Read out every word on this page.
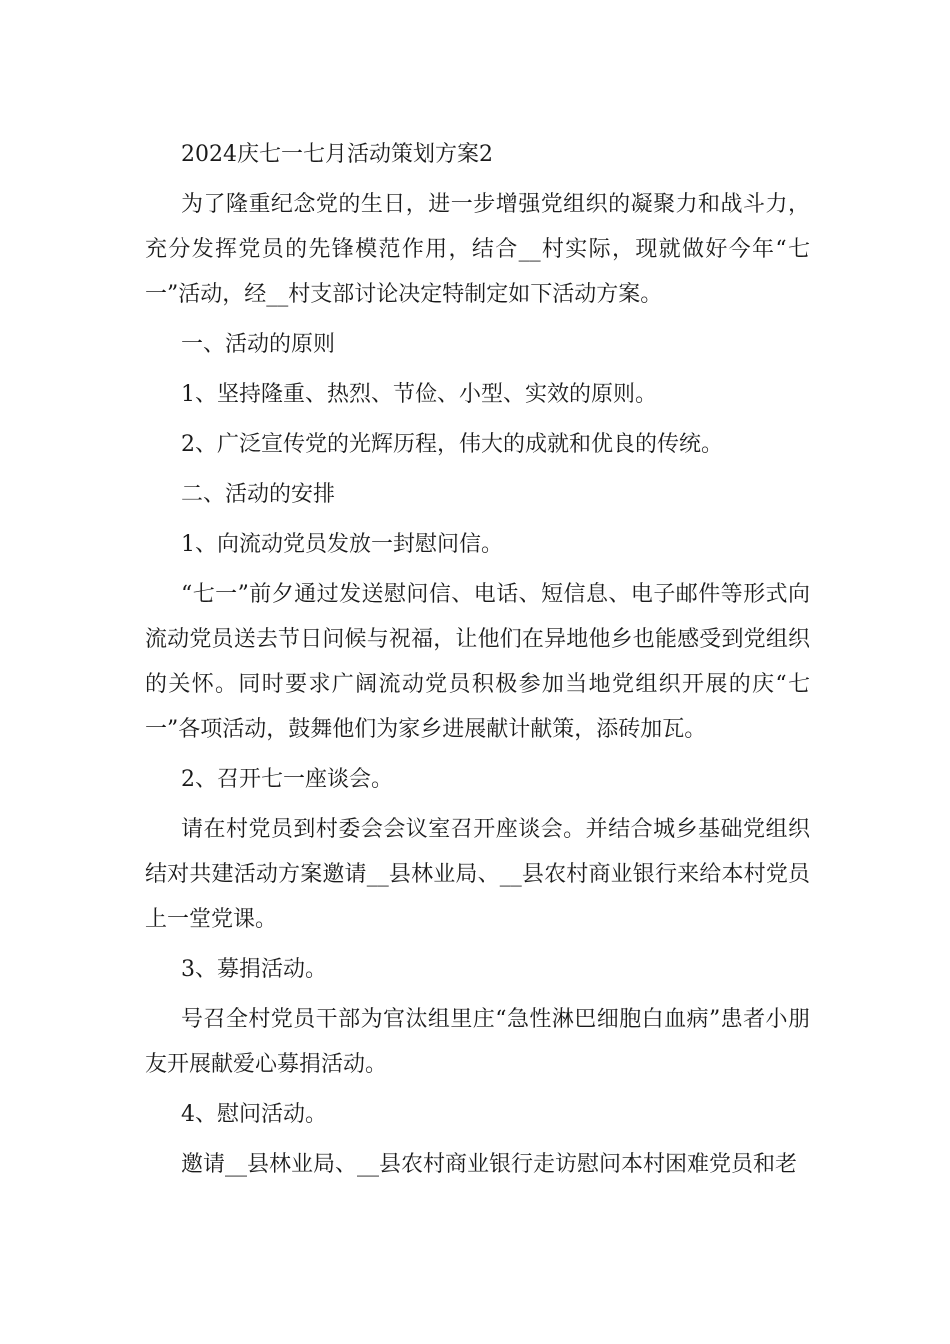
2024庆七一七月活动策划方案2

为了隆重纪念党的生日，进一步增强党组织的凝聚力和战斗力，充分发挥党员的先锋模范作用，结合__村实际，现就做好今年“七一”活动，经__村支部讨论决定特制定如下活动方案。

一、活动的原则

1、坚持隆重、热烈、节俭、小型、实效的原则。

2、广泛宣传党的光辉历程，伟大的成就和优良的传统。

二、活动的安排

1、向流动党员发放一封慰问信。

“七一”前夕通过发送慰问信、电话、短信息、电子邮件等形式向流动党员送去节日问候与祝福，让他们在异地他乡也能感受到党组织的关怀。同时要求广阔流动党员积极参加当地党组织开展的庆“七一”各项活动，鼓舞他们为家乡进展献计献策，添砖加瓦。

2、召开七一座谈会。

请在村党员到村委会会议室召开座谈会。并结合城乡基础党组织结对共建活动方案邀请__县林业局、__县农村商业银行来给本村党员上一堂党课。

3、募捐活动。

号召全村党员干部为官汰组里庄“急性淋巴细胞白血病”患者小朋友开展献爱心募捐活动。

4、慰问活动。

邀请__县林业局、__县农村商业银行走访慰问本村困难党员和老
